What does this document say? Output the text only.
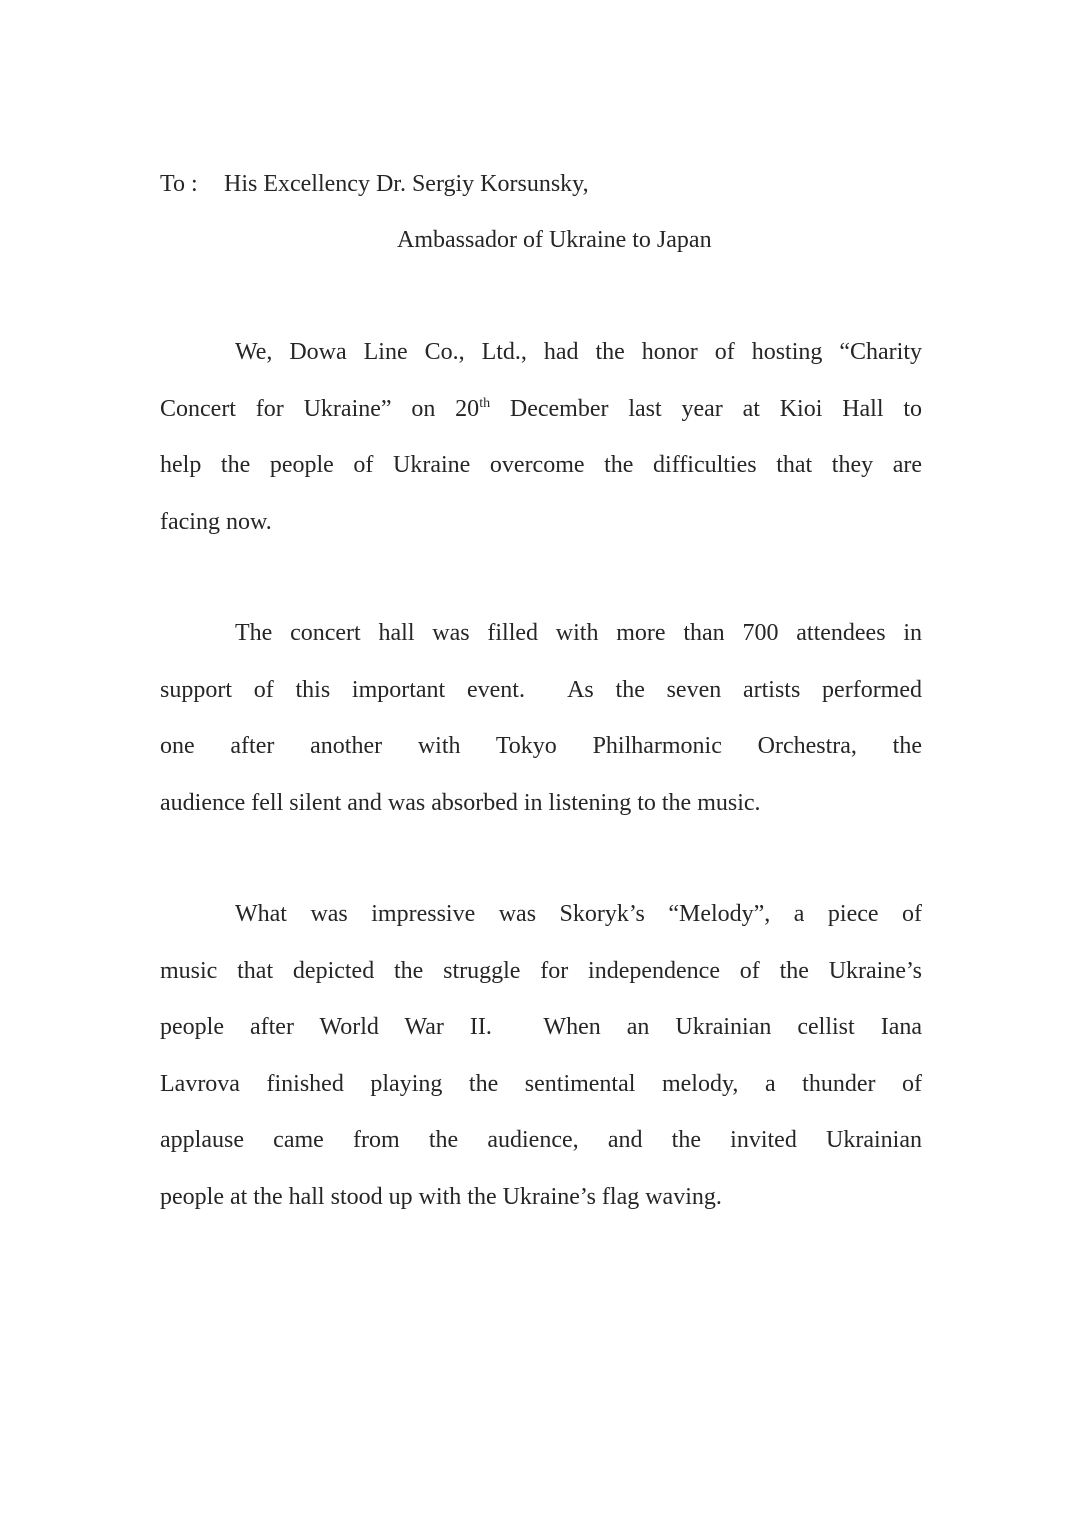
To : His Excellency Dr. Sergiy Korsunsky,
Ambassador of Ukraine to Japan
We, Dowa Line Co., Ltd., had the honor of hosting “Charity
Concert for Ukraine” on 20th December last year at Kioi Hall to
help the people of Ukraine overcome the difficulties that they are
facing now.
The concert hall was filled with more than 700 attendees in
support of this important event.  As the seven artists performed
one after another with Tokyo Philharmonic Orchestra, the
audience fell silent and was absorbed in listening to the music.
What was impressive was Skoryk’s “Melody”, a piece of
music that depicted the struggle for independence of the Ukraine’s
people after World War II.  When an Ukrainian cellist Iana
Lavrova finished playing the sentimental melody, a thunder of
applause came from the audience, and the invited Ukrainian
people at the hall stood up with the Ukraine’s flag waving.
